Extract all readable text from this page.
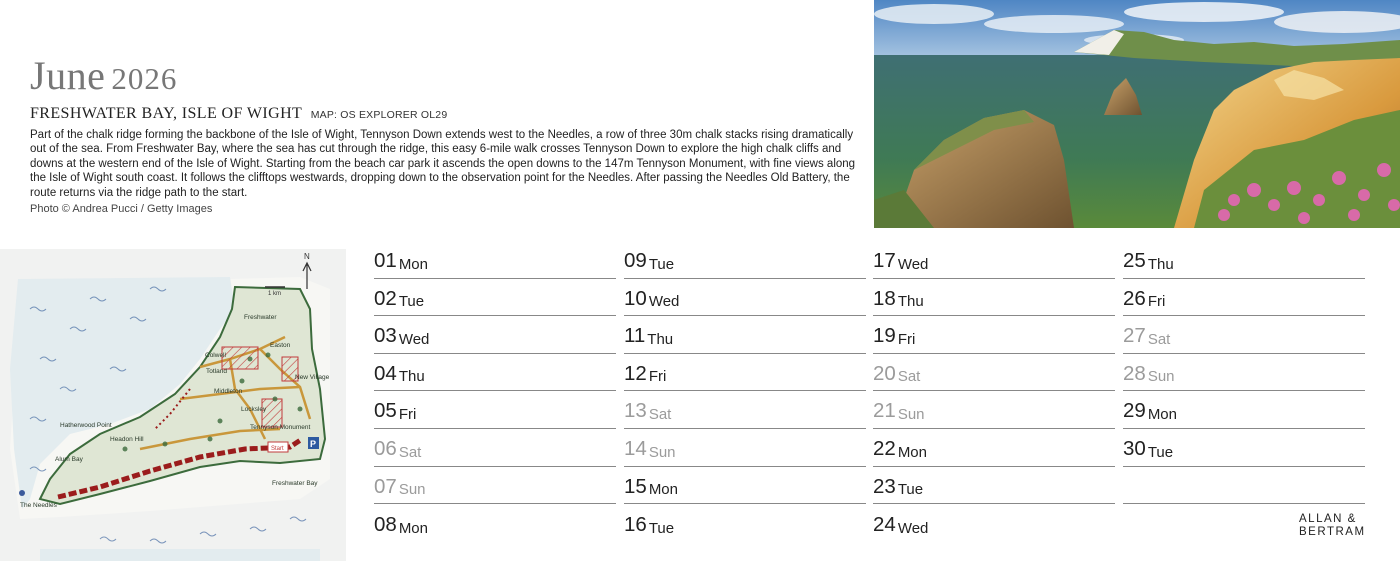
June 2026
FRESHWATER BAY, ISLE OF WIGHT MAP: OS EXPLORER OL29

Part of the chalk ridge forming the backbone of the Isle of Wight, Tennyson Down extends west to the Needles, a row of three 30m chalk stacks rising dramatically out of the sea. From Freshwater Bay, where the sea has cut through the ridge, this easy 6-mile walk crosses Tennyson Down to explore the high chalk cliffs and downs at the western end of the Isle of Wight. Starting from the beach car park it ascends the open downs to the 147m Tennyson Monument, with fine views along the Isle of Wight south coast. It follows the clifftops westwards, dropping down to the observation point for the Needles. After passing the Needles Old Battery, the route returns via the ridge path to the start.

Photo © Andrea Pucci / Getty Images
1 km
N
Freshwater
Colwell
Easton
Totland
New Village
Middleton
Locksley
Hatherwood Point
Headon Hill
Alum Bay
Tennyson Monument
Freshwater Bay
The Needles
Start	P
01 Mon
02 Tue
03 Wed
04 Thu
05 Fri
06 Sat
07 Sun
08 Mon
09 Tue
10 Wed
11 Thu
12 Fri
13 Sat
14 Sun
15 Mon
16 Tue
17 Wed
18 Thu
19 Fri
20 Sat
21 Sun
22 Mon
23 Tue
24 Wed
25 Thu
26 Fri
27 Sat
28 Sun
29 Mon
30 Tue
ALLAN &
BERTRAM
